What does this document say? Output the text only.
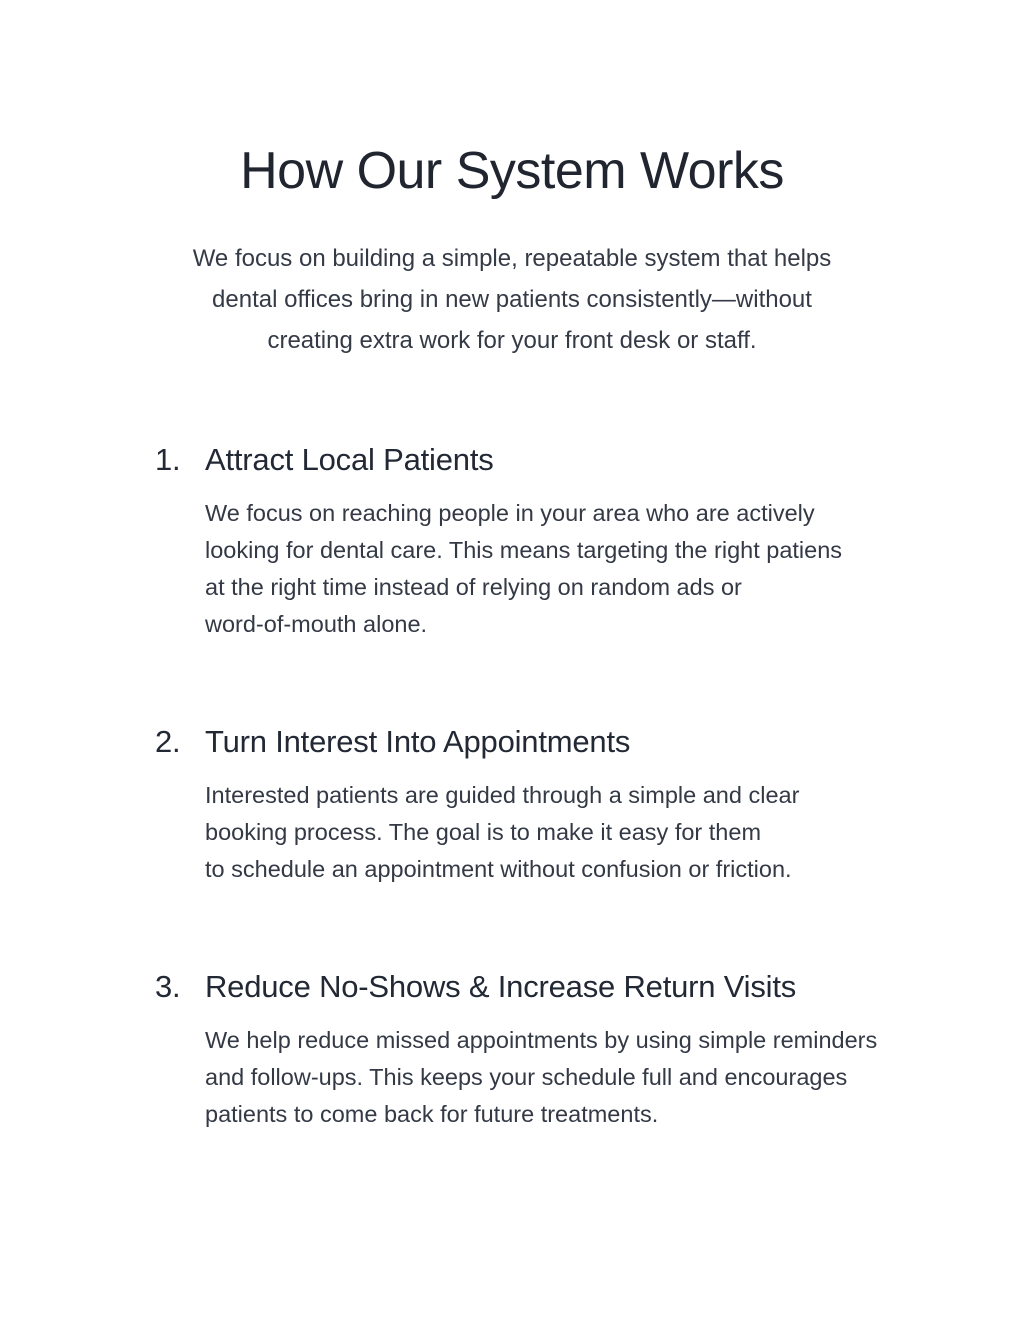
How Our System Works
We focus on building a simple, repeatable system that helps
dental offices bring in new patients consistently—without
creating extra work for your front desk or staff.
1. Attract Local Patients
We focus on reaching people in your area who are actively
looking for dental care. This means targeting the right patiens
at the right time instead of relying on random ads or
word-of-mouth alone.
2. Turn Interest Into Appointments
Interested patients are guided through a simple and clear
booking process. The goal is to make it easy for them
to schedule an appointment without confusion or friction.
3. Reduce No-Shows & Increase Return Visits
We help reduce missed appointments by using simple reminders
and follow-ups. This keeps your schedule full and encourages
patients to come back for future treatments.
